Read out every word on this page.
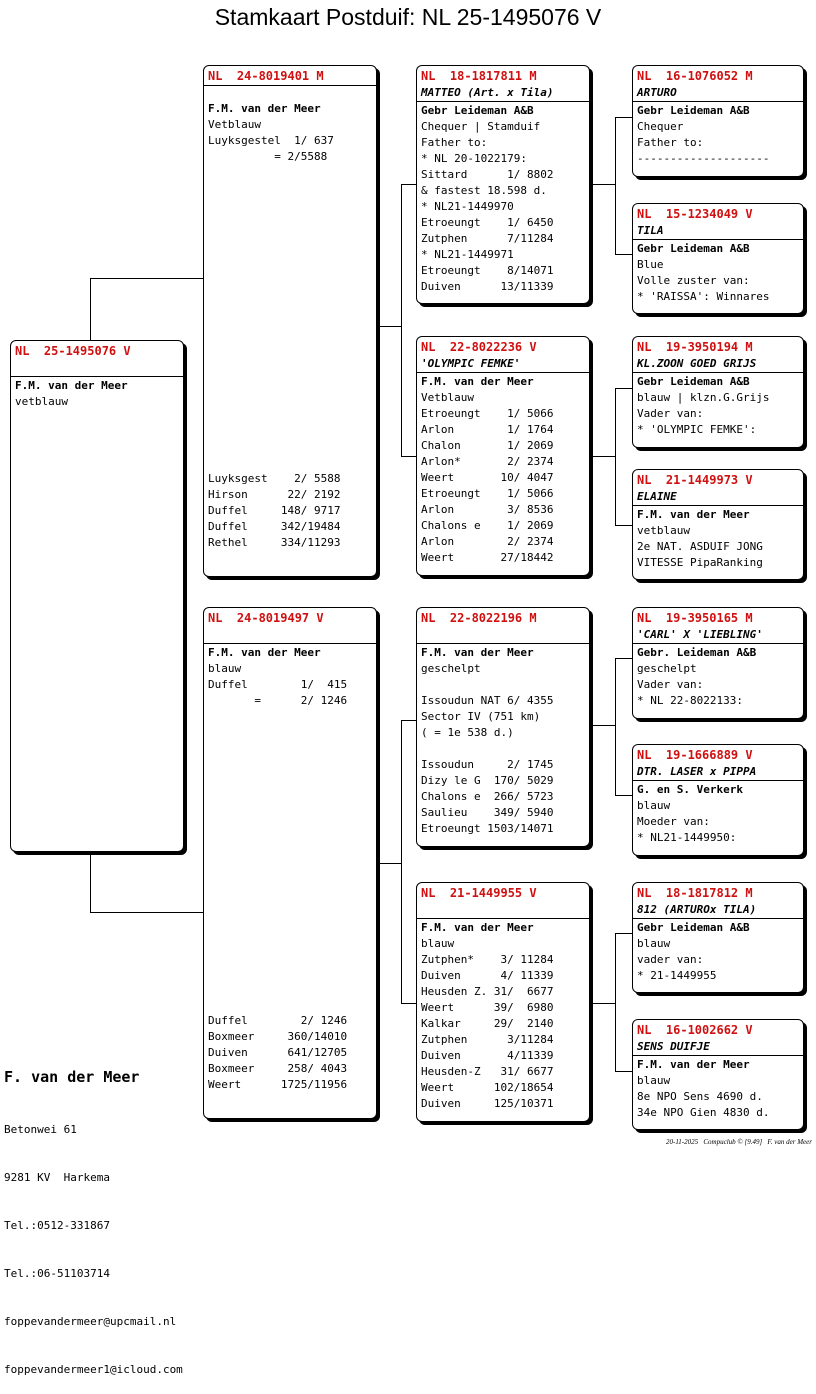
Stamkaart Postduif: NL 25-1495076 V
NL  25-1495076 V
F.M. van der Meer
vetblauw
NL  24-8019401 M
F.M. van der Meer
Vetblauw
Luyksgestel  1/ 637
= 2/5588
Luyksgest    2/ 5588
Hirson      22/ 2192
Duffel     148/ 9717
Duffel     342/19484
Rethel     334/11293
NL  24-8019497 V
F.M. van der Meer
blauw
Duffel        1/  415
=      2/ 1246
Duffel        2/ 1246
Boxmeer     360/14010
Duiven      641/12705
Boxmeer     258/ 4043
Weert      1725/11956
NL  18-1817811 M
MATTEO (Art. x Tila)
Gebr Leideman A&B
Chequer | Stamduif
Father to:
* NL 20-1022179:
Sittard      1/ 8802
& fastest 18.598 d.
* NL21-1449970
Etroeungt    1/ 6450
Zutphen      7/11284
* NL21-1449971
Etroeungt    8/14071
Duiven      13/11339
NL  22-8022236 V
'OLYMPIC FEMKE'
F.M. van der Meer
Vetblauw
Etroeungt    1/ 5066
Arlon        1/ 1764
Chalon       1/ 2069
Arlon*       2/ 2374
Weert       10/ 4047
Etroeungt    1/ 5066
Arlon        3/ 8536
Chalons e    1/ 2069
Arlon        2/ 2374
Weert       27/18442
NL  22-8022196 M
F.M. van der Meer
geschelpt
Issoudun NAT 6/ 4355
Sector IV (751 km)
( = 1e 538 d.)
Issoudun     2/ 1745
Dizy le G  170/ 5029
Chalons e  266/ 5723
Saulieu    349/ 5940
Etroeungt 1503/14071
NL  21-1449955 V
F.M. van der Meer
blauw
Zutphen*    3/ 11284
Duiven      4/ 11339
Heusden Z. 31/  6677
Weert      39/  6980
Kalkar     29/  2140
Zutphen      3/11284
Duiven       4/11339
Heusden-Z   31/ 6677
Weert      102/18654
Duiven     125/10371
NL  16-1076052 M
ARTURO
Gebr Leideman A&B
Chequer
Father to:
--------------------
NL  15-1234049 V
TILA
Gebr Leideman A&B
Blue
Volle zuster van:
* 'RAISSA': Winnares
NL  19-3950194 M
KL.ZOON GOED GRIJS
Gebr Leideman A&B
blauw | klzn.G.Grijs
Vader van:
* 'OLYMPIC FEMKE':
NL  21-1449973 V
ELAINE
F.M. van der Meer
vetblauw
2e NAT. ASDUIF JONG
VITESSE PipaRanking
NL  19-3950165 M
'CARL' X 'LIEBLING'
Gebr. Leideman A&B
geschelpt
Vader van:
* NL 22-8022133:
NL  19-1666889 V
DTR. LASER x PIPPA
G. en S. Verkerk
blauw
Moeder van:
* NL21-1449950:
NL  18-1817812 M
812 (ARTUROx TILA)
Gebr Leideman A&B
blauw
vader van:
* 21-1449955
NL  16-1002662 V
SENS DUIFJE
F.M. van der Meer
blauw
8e NPO Sens 4690 d.
34e NPO Gien 4830 d.

F. van der Meer

Betonwei 61

9281 KV  Harkema

Tel.:0512-331867

Tel.:06-51103714

foppevandermeer@upcmail.nl

foppevandermeer1@icloud.com

20-11-2025   Compuclub © [9.49]   F. van der Meer
